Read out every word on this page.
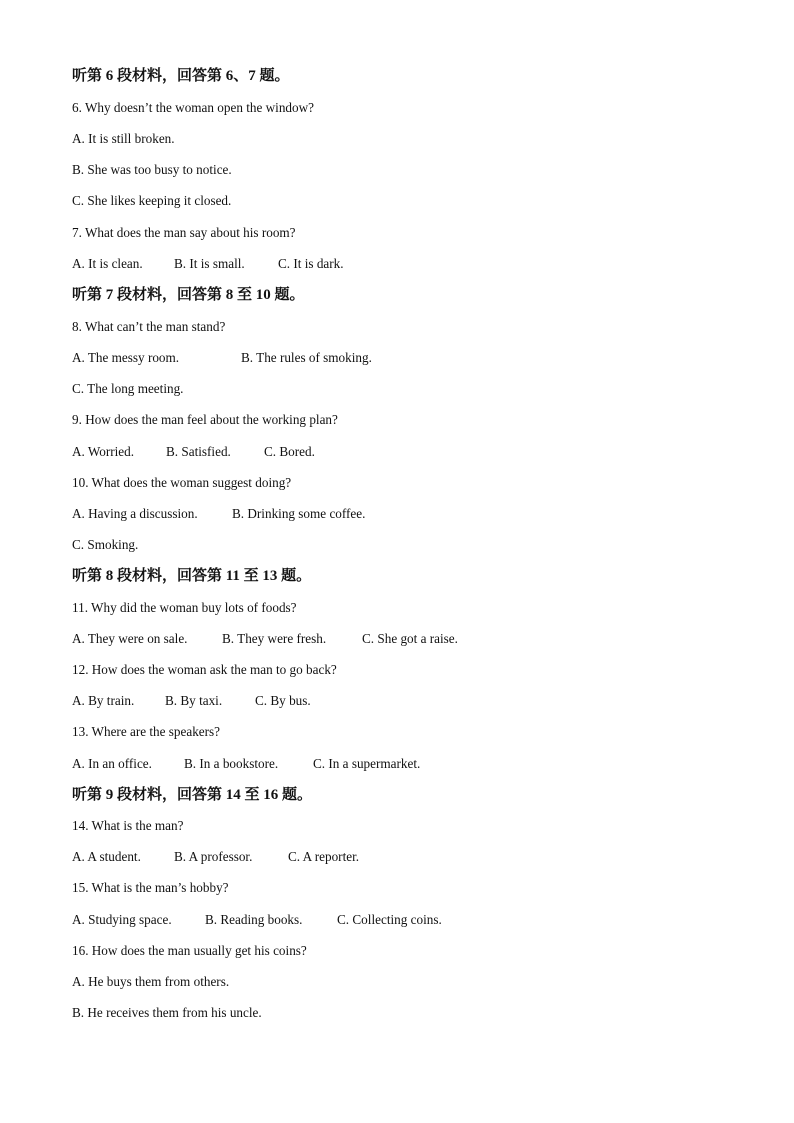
听第 6 段材料，回答第 6、7 题。
6. Why doesn’t the woman open the window?
A. It is still broken.
B. She was too busy to notice.
C. She likes keeping it closed.
7. What does the man say about his room?
A. It is clean. B. It is small.	C. It is dark.
听第 7 段材料，回答第 8 至 10 题。
8. What can’t the man stand?
A. The messy room.	B. The rules of smoking.
C. The long meeting.
9. How does the man feel about the working plan?
A. Worried. B. Satisfied.	C. Bored.
10. What does the woman suggest doing?
A. Having a discussion.	B. Drinking some coffee.
C. Smoking.
听第 8 段材料，回答第 11 至 13 题。
11. Why did the woman buy lots of foods?
A. They were on sale.	B. They were fresh.	C. She got a raise.
12. How does the woman ask the man to go back?
A. By train. B. By taxi. C. By bus.
13. Where are the speakers?
A. In an office. B. In a bookstore.	C. In a supermarket.
听第 9 段材料，回答第 14 至 16 题。
14. What is the man?
A. A student.	B. A professor.	C. A reporter.
15. What is the man’s hobby?
A. Studying space.	B. Reading books.	C. Collecting coins.
16. How does the man usually get his coins?
A. He buys them from others.
B. He receives them from his uncle.
